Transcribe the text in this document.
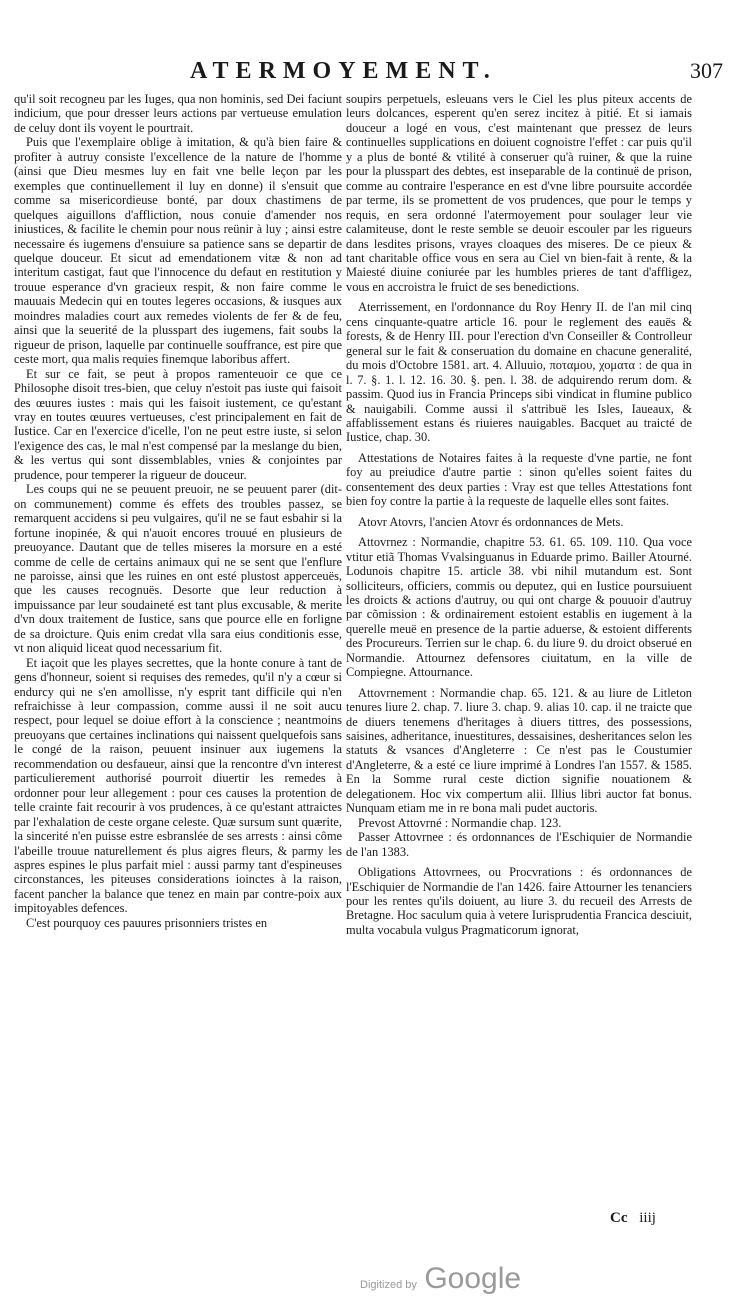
ATERMOYEMENT.	307

qu'il soit recogneu par les Iuges, qua non hominis, sed Dei faciunt indicium, que pour dresser leurs actions par vertueuse emulation de celuy dont ils voyent le pourtrait.

Puis que l'exemplaire oblige à imitation, & qu'à bien faire & profiter à autruy consiste l'excellence de la nature de l'homme (ainsi que Dieu mesmes luy en fait vne belle leçon par les exemples que continuellement il luy en donne) il s'ensuit que comme sa misericordieuse bonté, par doux chastimens de quelques aiguillons d'affliction, nous conuie d'amender nos iniustices, & facilite le chemin pour nous reünir à luy ; ainsi estre necessaire és iugemens d'ensuiure sa patience sans se departir de quelque douceur. Et sicut ad emendationem vitæ & non ad interitum castigat, faut que l'innocence du defaut en restitution y trouue esperance d'vn gracieux respit, & non faire comme le mauuais Medecin qui en toutes legeres occasions, & iusques aux moindres maladies court aux remedes violents de fer & de feu, ainsi que la seuerité de la plusspart des iugemens, fait soubs la rigueur de prison, laquelle par continuelle souffrance, est pire que ceste mort, qua malis requies finemque laboribus affert.

Et sur ce fait, se peut à propos ramenteuoir ce que ce Philosophe disoit tres-bien, que celuy n'estoit pas iuste qui faisoit des œuures iustes : mais qui les faisoit iustement, ce qu'estant vray en toutes œuures vertueuses, c'est principalement en fait de Iustice. Car en l'exercice d'icelle, l'on ne peut estre iuste, si selon l'exigence des cas, le mal n'est compensé par la meslange du bien, & les vertus qui sont dissemblables, vnies & conjointes par prudence, pour temperer la rigueur de douceur.

Les coups qui ne se peuuent preuoir, ne se peuuent parer (dit-on communement) comme és effets des troubles passez, se remarquent accidens si peu vulgaires, qu'il ne se faut esbahir si la fortune inopinée, & qui n'auoit encores trouué en plusieurs de preuoyance. Dautant que de telles miseres la morsure en a esté comme de celle de certains animaux qui ne se sent que l'enflure ne paroisse, ainsi que les ruines en ont esté plustost apperceuës, que les causes recognuës. Desorte que leur reduction à impuissance par leur soudaineté est tant plus excusable, & merite d'vn doux traitement de Iustice, sans que pource elle en forligne de sa droicture. Quis enim credat vlla sara eius conditionis esse, vt non aliquid liceat quod necessarium fit.

Et iaçoit que les playes secrettes, que la honte conure à tant de gens d'honneur, soient si requises des remedes, qu'il n'y a cœur si endurcy qui ne s'en amollisse, n'y esprit tant difficile qui n'en refraichisse à leur compassion, comme aussi il ne soit aucu respect, pour lequel se doiue effort à la conscience ; neantmoins preuoyans que certaines inclinations qui naissent quelquefois sans le congé de la raison, peuuent insinuer aux iugemens la recommendation ou desfaueur, ainsi que la rencontre d'vn interest particulierement authorisé pourroit diuertir les remedes à ordonner pour leur allegement : pour ces causes la protention de telle crainte fait recourir à vos prudences, à ce qu'estant attraictes par l'exhalation de ceste organe celeste. Quæ sursum sunt quærite, la sincerité n'en puisse estre esbranslée de ses arrests : ainsi côme l'abeille trouue naturellement és plus aigres fleurs, & parmy les aspres espines le plus parfait miel : aussi parmy tant d'espineuses circonstances, les piteuses considerations ioinctes à la raison, facent pancher la balance que tenez en main par contre-poix aux impitoyables defences.

C'est pourquoy ces pauures prisonniers tristes en

soupirs perpetuels, esleuans vers le Ciel les plus piteux accents de leurs dolcances, esperent qu'en serez incitez à pitié. Et si iamais douceur a logé en vous, c'est maintenant que pressez de leurs continuelles supplications en doiuent cognoistre l'effet : car puis qu'il y a plus de bonté & vtilité à conseruer qu'à ruiner, & que la ruine pour la plusspart des debtes, est inseparable de la continuë de prison, comme au contraire l'esperance en est d'vne libre poursuite accordée par terme, ils se promettent de vos prudences, que pour le temps y requis, en sera ordonné l'atermoyement pour soulager leur vie calamiteuse, dont le reste semble se deuoir escouler par les rigueurs dans lesdites prisons, vrayes cloaques des miseres. De ce pieux & tant charitable office vous en sera au Ciel vn bien-fait à rente, & la Maiesté diuine coniurée par les humbles prieres de tant d'affligez, vous en accroistra le fruict de ses benedictions.

Aterrissement, en l'ordonnance du Roy Henry II. de l'an mil cinq cens cinquante-quatre article 16. pour le reglement des eauës & forests, & de Henry III. pour l'erection d'vn Conseiller & Controlleur general sur le fait & conseruation du domaine en chacune generalité, du mois d'Octobre 1581. art. 4. Alluuio, ποταμου, χοματα : de qua in l. 7. §. 1. l. 12. 16. 30. §. pen. l. 38. de adquirendo rerum dom. & passim. Quod ius in Francia Princeps sibi vindicat in flumine publico & nauigabili. Comme aussi il s'attribuë les Isles, Iaueaux, & affablissement estans és riuieres nauigables. Bacquet au traicté de Iustice, chap. 30.

Attestations de Notaires faites à la requeste d'vne partie, ne font foy au preiudice d'autre partie : sinon qu'elles soient faites du consentement des deux parties : Vray est que telles Attestations font bien foy contre la partie à la requeste de laquelle elles sont faites.

Atovr Atovrs, l'ancien Atovr és ordonnances de Mets.

Attovrnez : Normandie, chapitre 53. 61. 65. 109. 110. Qua voce vtitur etiã Thomas Vvalsinguanus in Eduarde primo. Bailler Atourné. Lodunois chapitre 15. article 38. vbi nihil mutandum est. Sont solliciteurs, officiers, commis ou deputez, qui en Iustice poursuiuent les droicts & actions d'autruy, ou qui ont charge & pouuoir d'autruy par cõmission : & ordinairement estoient establis en iugement à la querelle meuë en presence de la partie aduerse, & estoient differents des Procureurs. Terrien sur le chap. 6. du liure 9. du droict obserué en Normandie. Attournez defensores ciuitatum, en la ville de Compiegne. Attournance.

Attovrnement : Normandie chap. 65. 121. & au liure de Litleton tenures liure 2. chap. 7. liure 3. chap. 9. alias 10. cap. il ne traicte que de diuers tenemens d'heritages à diuers tittres, des possessions, saisines, adheritance, inuestitures, dessaisines, desheritances selon les statuts & vsances d'Angleterre : Ce n'est pas le Coustumier d'Angleterre, & a esté ce liure imprimé à Londres l'an 1557. & 1585. En la Somme rural ceste diction signifie nouationem & delegationem. Hoc vix compertum alii. Illius libri auctor fat bonus. Nunquam etiam me in re bona mali pudet auctoris.

Prevost Attovrné : Normandie chap. 123.

Passer Attovrnee : és ordonnances de l'Eschiquier de Normandie de l'an 1383.

Obligations Attovrnees, ou Procvrations : és ordonnances de l'Eschiquier de Normandie de l'an 1426. faire Attourner les tenanciers pour les rentes qu'ils doiuent, au liure 3. du recueil des Arrests de Bretagne. Hoc saculum quia à vetere Iurisprudentia Francica desciuit, multa vocabula vulgus Pragmaticorum ignorat,

Cc iiij
Digitized by Google
